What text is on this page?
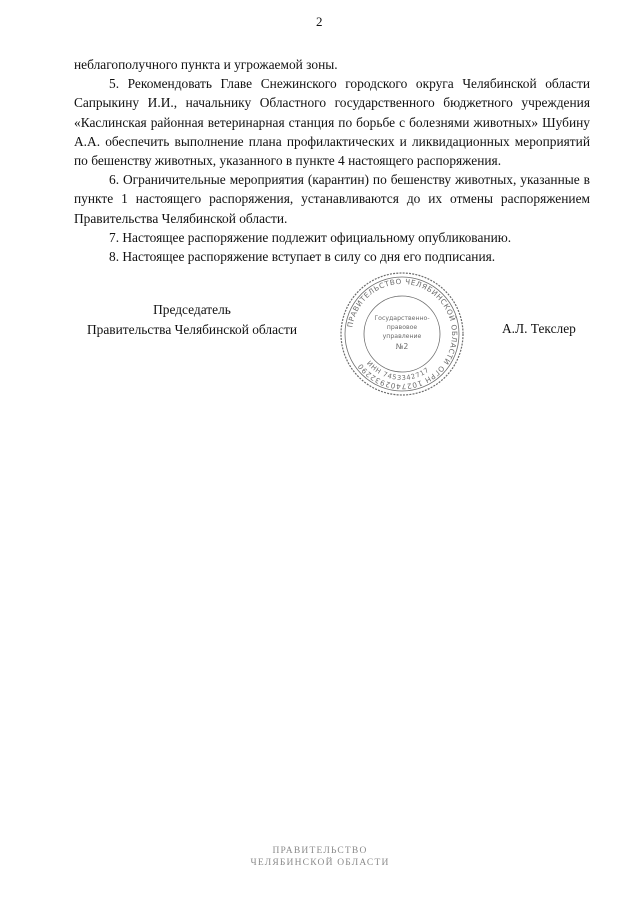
2

неблагополучного пункта и угрожаемой зоны.

5. Рекомендовать Главе Снежинского городского округа Челябинской области Сапрыкину И.И., начальнику Областного государственного бюджетного учреждения «Каслинская районная ветеринарная станция по борьбе с болезнями животных» Шубину А.А. обеспечить выполнение плана профилактических и ликвидационных мероприятий по бешенству животных, указанного в пункте 4 настоящего распоряжения.

6. Ограничительные мероприятия (карантин) по бешенству животных, указанные в пункте 1 настоящего распоряжения, устанавливаются до их отмены распоряжением Правительства Челябинской области.

7. Настоящее распоряжение подлежит официальному опубликованию.

8. Настоящее распоряжение вступает в силу со дня его подписания.

Председатель
Правительства Челябинской области	ПРАВИТЕЛЬСТВО ЧЕЛЯБИНСКОЙ ОБЛАСТИ ОГРН 1027402932290 ИНН 7453342717
Государственно-
правовое
управление
№2
А.Л. Текслер
ПРАВИТЕЛЬСТВО
ЧЕЛЯБИНСКОЙ ОБЛАСТИ
